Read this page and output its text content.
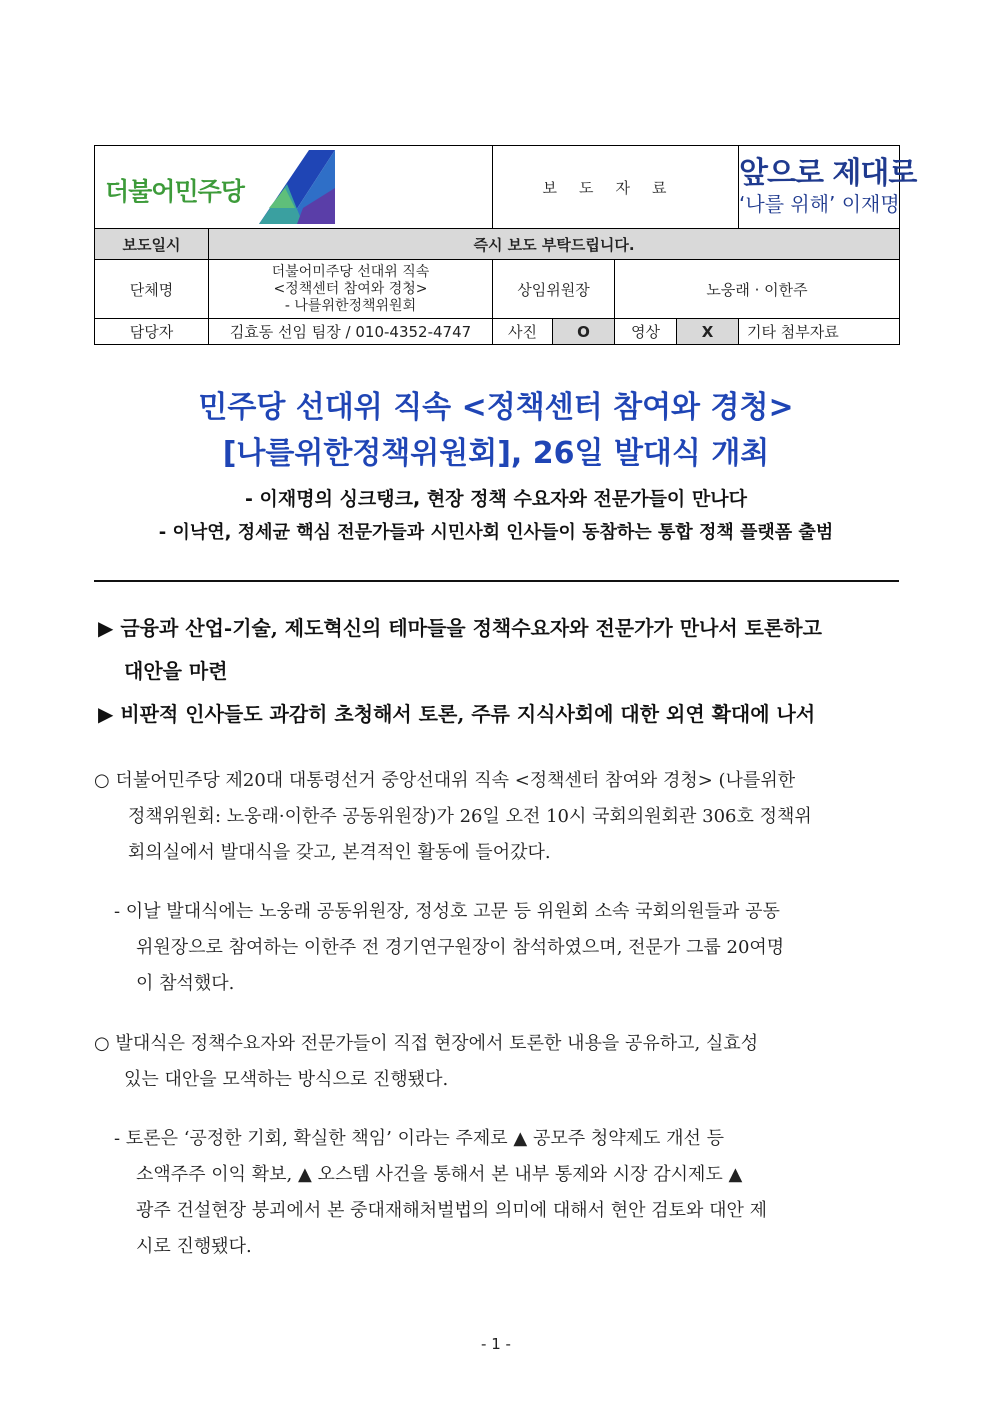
더불어민주당		보도자료				앞으로 제대로
‘나를 위해’ 이재명

보도일시	즉시 보도 부탁드립니다.					
단체명	더불어미주당 선대위 직속
<정책센터 참여와 경청>
- 나를위한정책위원회	상임위원장		노웅래 · 이한주		
담당자	김효동 선임 팀장 / 010-4352-4747	사진	O	영상	X	기타 첨부자료
민주당 선대위 직속 <정책센터 참여와 경청>
[나를위한정책위원회], 26일 발대식 개최
- 이재명의 싱크탱크, 현장 정책 수요자와 전문가들이 만나다
- 이낙연, 정세균 핵심 전문가들과 시민사회 인사들이 동참하는 통합 정책 플랫폼 출범
▶ 금융과 산업-기술, 제도혁신의 테마들을 정책수요자와 전문가가 만나서 토론하고
대안을 마련
▶ 비판적 인사들도 과감히 초청해서 토론, 주류 지식사회에 대한 외연 확대에 나서
○ 더불어민주당 제20대 대통령선거 중앙선대위 직속 <정책센터 참여와 경청> (나를위한
정책위원회: 노웅래·이한주 공동위원장)가 26일 오전 10시 국회의원회관 306호 정책위
회의실에서 발대식을 갖고, 본격적인 활동에 들어갔다.
- 이날 발대식에는 노웅래 공동위원장, 정성호 고문 등 위원회 소속 국회의원들과 공동
위원장으로 참여하는 이한주 전 경기연구원장이 참석하였으며, 전문가 그룹 20여명
이 참석했다.
○ 발대식은 정책수요자와 전문가들이 직접 현장에서 토론한 내용을 공유하고, 실효성
있는 대안을 모색하는 방식으로 진행됐다.
- 토론은 ‘공정한 기회, 확실한 책임’ 이라는 주제로 ▲ 공모주 청약제도 개선 등
소액주주 이익 확보, ▲ 오스템 사건을 통해서 본 내부 통제와 시장 감시제도 ▲
광주 건설현장 붕괴에서 본 중대재해처벌법의 의미에 대해서 현안 검토와 대안 제
시로 진행됐다.
- 1 -
